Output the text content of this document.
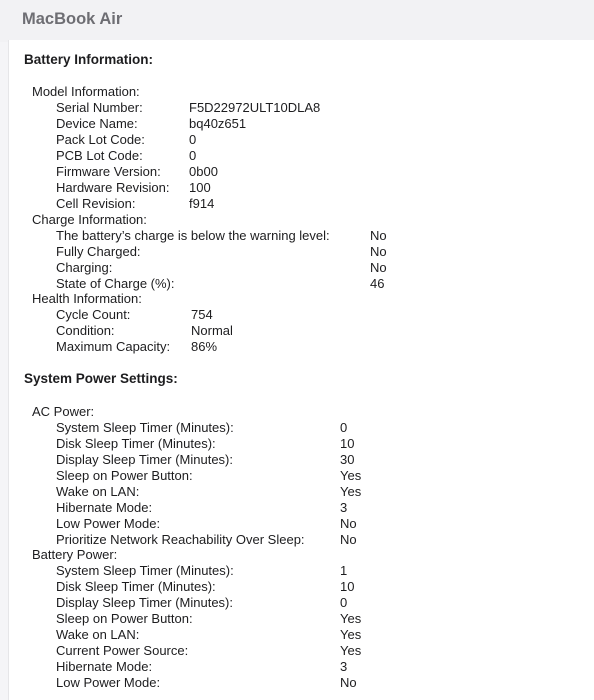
MacBook Air
Battery Information:
Model Information:
Serial Number:	F5D22972ULT10DLA8
Device Name:	bq40z651
Pack Lot Code:	0
PCB Lot Code:	0
Firmware Version: 0b00
Hardware Revision: 100
Cell Revision:	f914
Charge Information:
The battery’s charge is below the warning level:	No
Fully Charged:	No
Charging:	No
State of Charge (%):	46
Health Information:
Cycle Count:	754
Condition:	Normal
Maximum Capacity: 86%
System Power Settings:
AC Power:
System Sleep Timer (Minutes):	0
Disk Sleep Timer (Minutes):	10
Display Sleep Timer (Minutes):	30
Sleep on Power Button:	Yes
Wake on LAN:	Yes
Hibernate Mode:	3
Low Power Mode:	No
Prioritize Network Reachability Over Sleep:	No
Battery Power:
System Sleep Timer (Minutes):	1
Disk Sleep Timer (Minutes):	10
Display Sleep Timer (Minutes):	0
Sleep on Power Button:	Yes
Wake on LAN:	Yes
Current Power Source:	Yes
Hibernate Mode:	3
Low Power Mode:	No
